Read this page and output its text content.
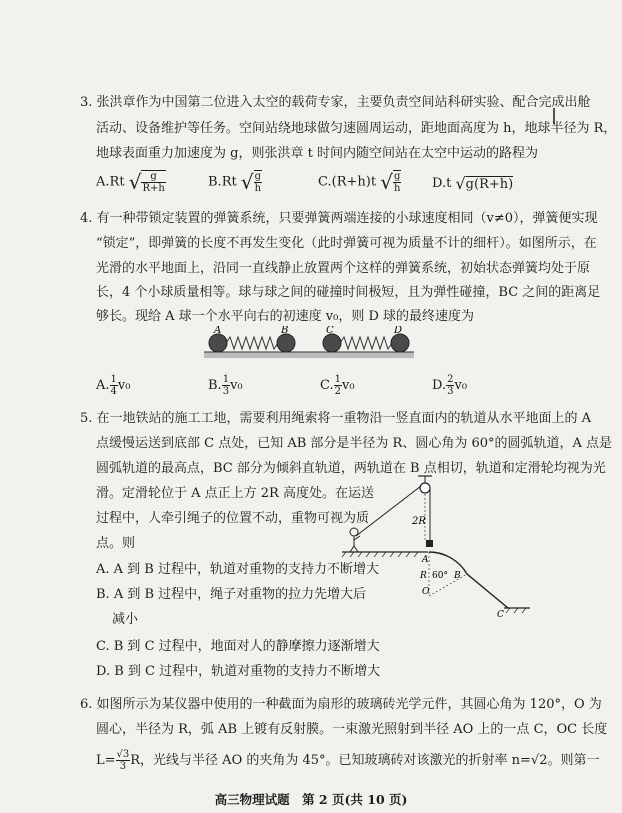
3. 张洪章作为中国第二位进入太空的载荷专家，主要负责空间站科研实验、配合完成出舱
活动、设备维护等任务。空间站绕地球做匀速圆周运动，距地面高度为 h，地球半径为 R，
地球表面重力加速度为 g，则张洪章 t 时间内随空间站在太空中运动的路程为
A.Rt √ $\frac{g}{R+h}$	B.Rt √ $\frac{g}{h}$	C.(R+h)t √ $\frac{g}{h} D.t$ √g(R+h)
4. 有一种带锁定装置的弹簧系统，只要弹簧两端连接的小球速度相同（v≠0），弹簧便实现
“锁定”，即弹簧的长度不再发生变化（此时弹簧可视为质量不计的细杆）。如图所示，在
光滑的水平地面上，沿同一直线静止放置两个这样的弹簧系统，初始状态弹簧均处于原
长，4 个小球质量相等。球与球之间的碰撞时间极短，且为弹性碰撞，BC 之间的距离足
够长。现给 A 球一个水平向右的初速度 v₀，则 D 球的最终速度为
A	B	C	D
A. $\frac{1}{4} v_0$	B. $\frac{1}{3} v_0$	C. $\frac{1}{2} v_0$	D. $\frac{2}{3} v_0$
5. 在一地铁站的施工工地，需要利用绳索将一重物沿一竖直面内的轨道从水平地面上的 A
点缓慢运送到底部 C 点处，已知 AB 部分是半径为 R、圆心角为 60°的圆弧轨道，A 点是
圆弧轨道的最高点，BC 部分为倾斜直轨道，两轨道在 B 点相切，轨道和定滑轮均视为光
滑。定滑轮位于 A 点正上方 2R 高度处。在运送
过程中，人牵引绳子的位置不动，重物可视为质
点。则
A. A 到 B 过程中，轨道对重物的支持力不断增大
B. A 到 B 过程中，绳子对重物的拉力先增大后
减小
C. B 到 C 过程中，地面对人的静摩擦力逐渐增大
D. B 到 C 过程中，轨道对重物的支持力不断增大
2R
A
R 60° B
O
C
6. 如图所示为某仪器中使用的一种截面为扇形的玻璃砖光学元件，其圆心角为 120°，O 为
圆心，半径为 R，弧 AB 上镀有反射膜。一束激光照射到半径 AO 上的一点 C，OC 长度
$L= \frac{√3}{3}$ R，光线与半径 AO 的夹角为 45°。已知玻璃砖对该激光的折射率 n=√2。则第一
高三物理试题　第 2 页(共 10 页)
